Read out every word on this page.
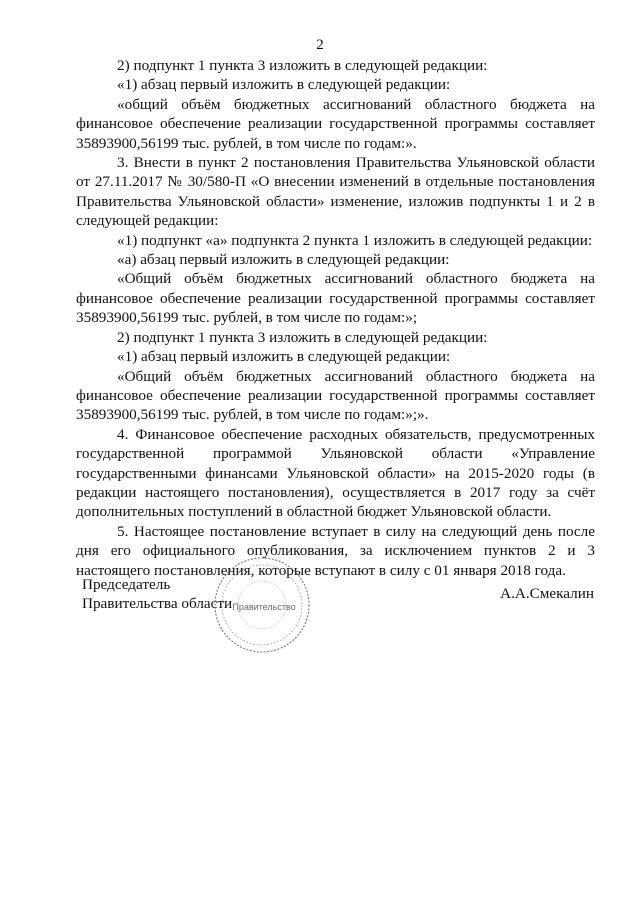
2

2) подпункт 1 пункта 3 изложить в следующей редакции:

«1) абзац первый изложить в следующей редакции:

«общий объём бюджетных ассигнований областного бюджета на финансовое обеспечение реализации государственной программы составляет 35893900,56199 тыс. рублей, в том числе по годам:».

3. Внести в пункт 2 постановления Правительства Ульяновской области от 27.11.2017 № 30/580-П «О внесении изменений в отдельные постановления Правительства Ульяновской области» изменение, изложив подпункты 1 и 2 в следующей редакции:

«1) подпункт «а» подпункта 2 пункта 1 изложить в следующей редакции:

«а) абзац первый изложить в следующей редакции:

«Общий объём бюджетных ассигнований областного бюджета на финансовое обеспечение реализации государственной программы составляет 35893900,56199 тыс. рублей, в том числе по годам:»;

2) подпункт 1 пункта 3 изложить в следующей редакции:

«1) абзац первый изложить в следующей редакции:

«Общий объём бюджетных ассигнований областного бюджета на финансовое обеспечение реализации государственной программы составляет 35893900,56199 тыс. рублей, в том числе по годам:»;».

4. Финансовое обеспечение расходных обязательств, предусмотренных государственной программой Ульяновской области «Управление государственными финансами Ульяновской области» на 2015-2020 годы (в редакции настоящего постановления), осуществляется в 2017 году за счёт дополнительных поступлений в областной бюджет Ульяновской области.

5. Настоящее постановление вступает в силу на следующий день после дня его официального опубликования, за исключением пунктов 2 и 3 настоящего постановления, которые вступают в силу с 01 января 2018 года.

Председатель
Правительства области Правительство
А.А.Смекалин
